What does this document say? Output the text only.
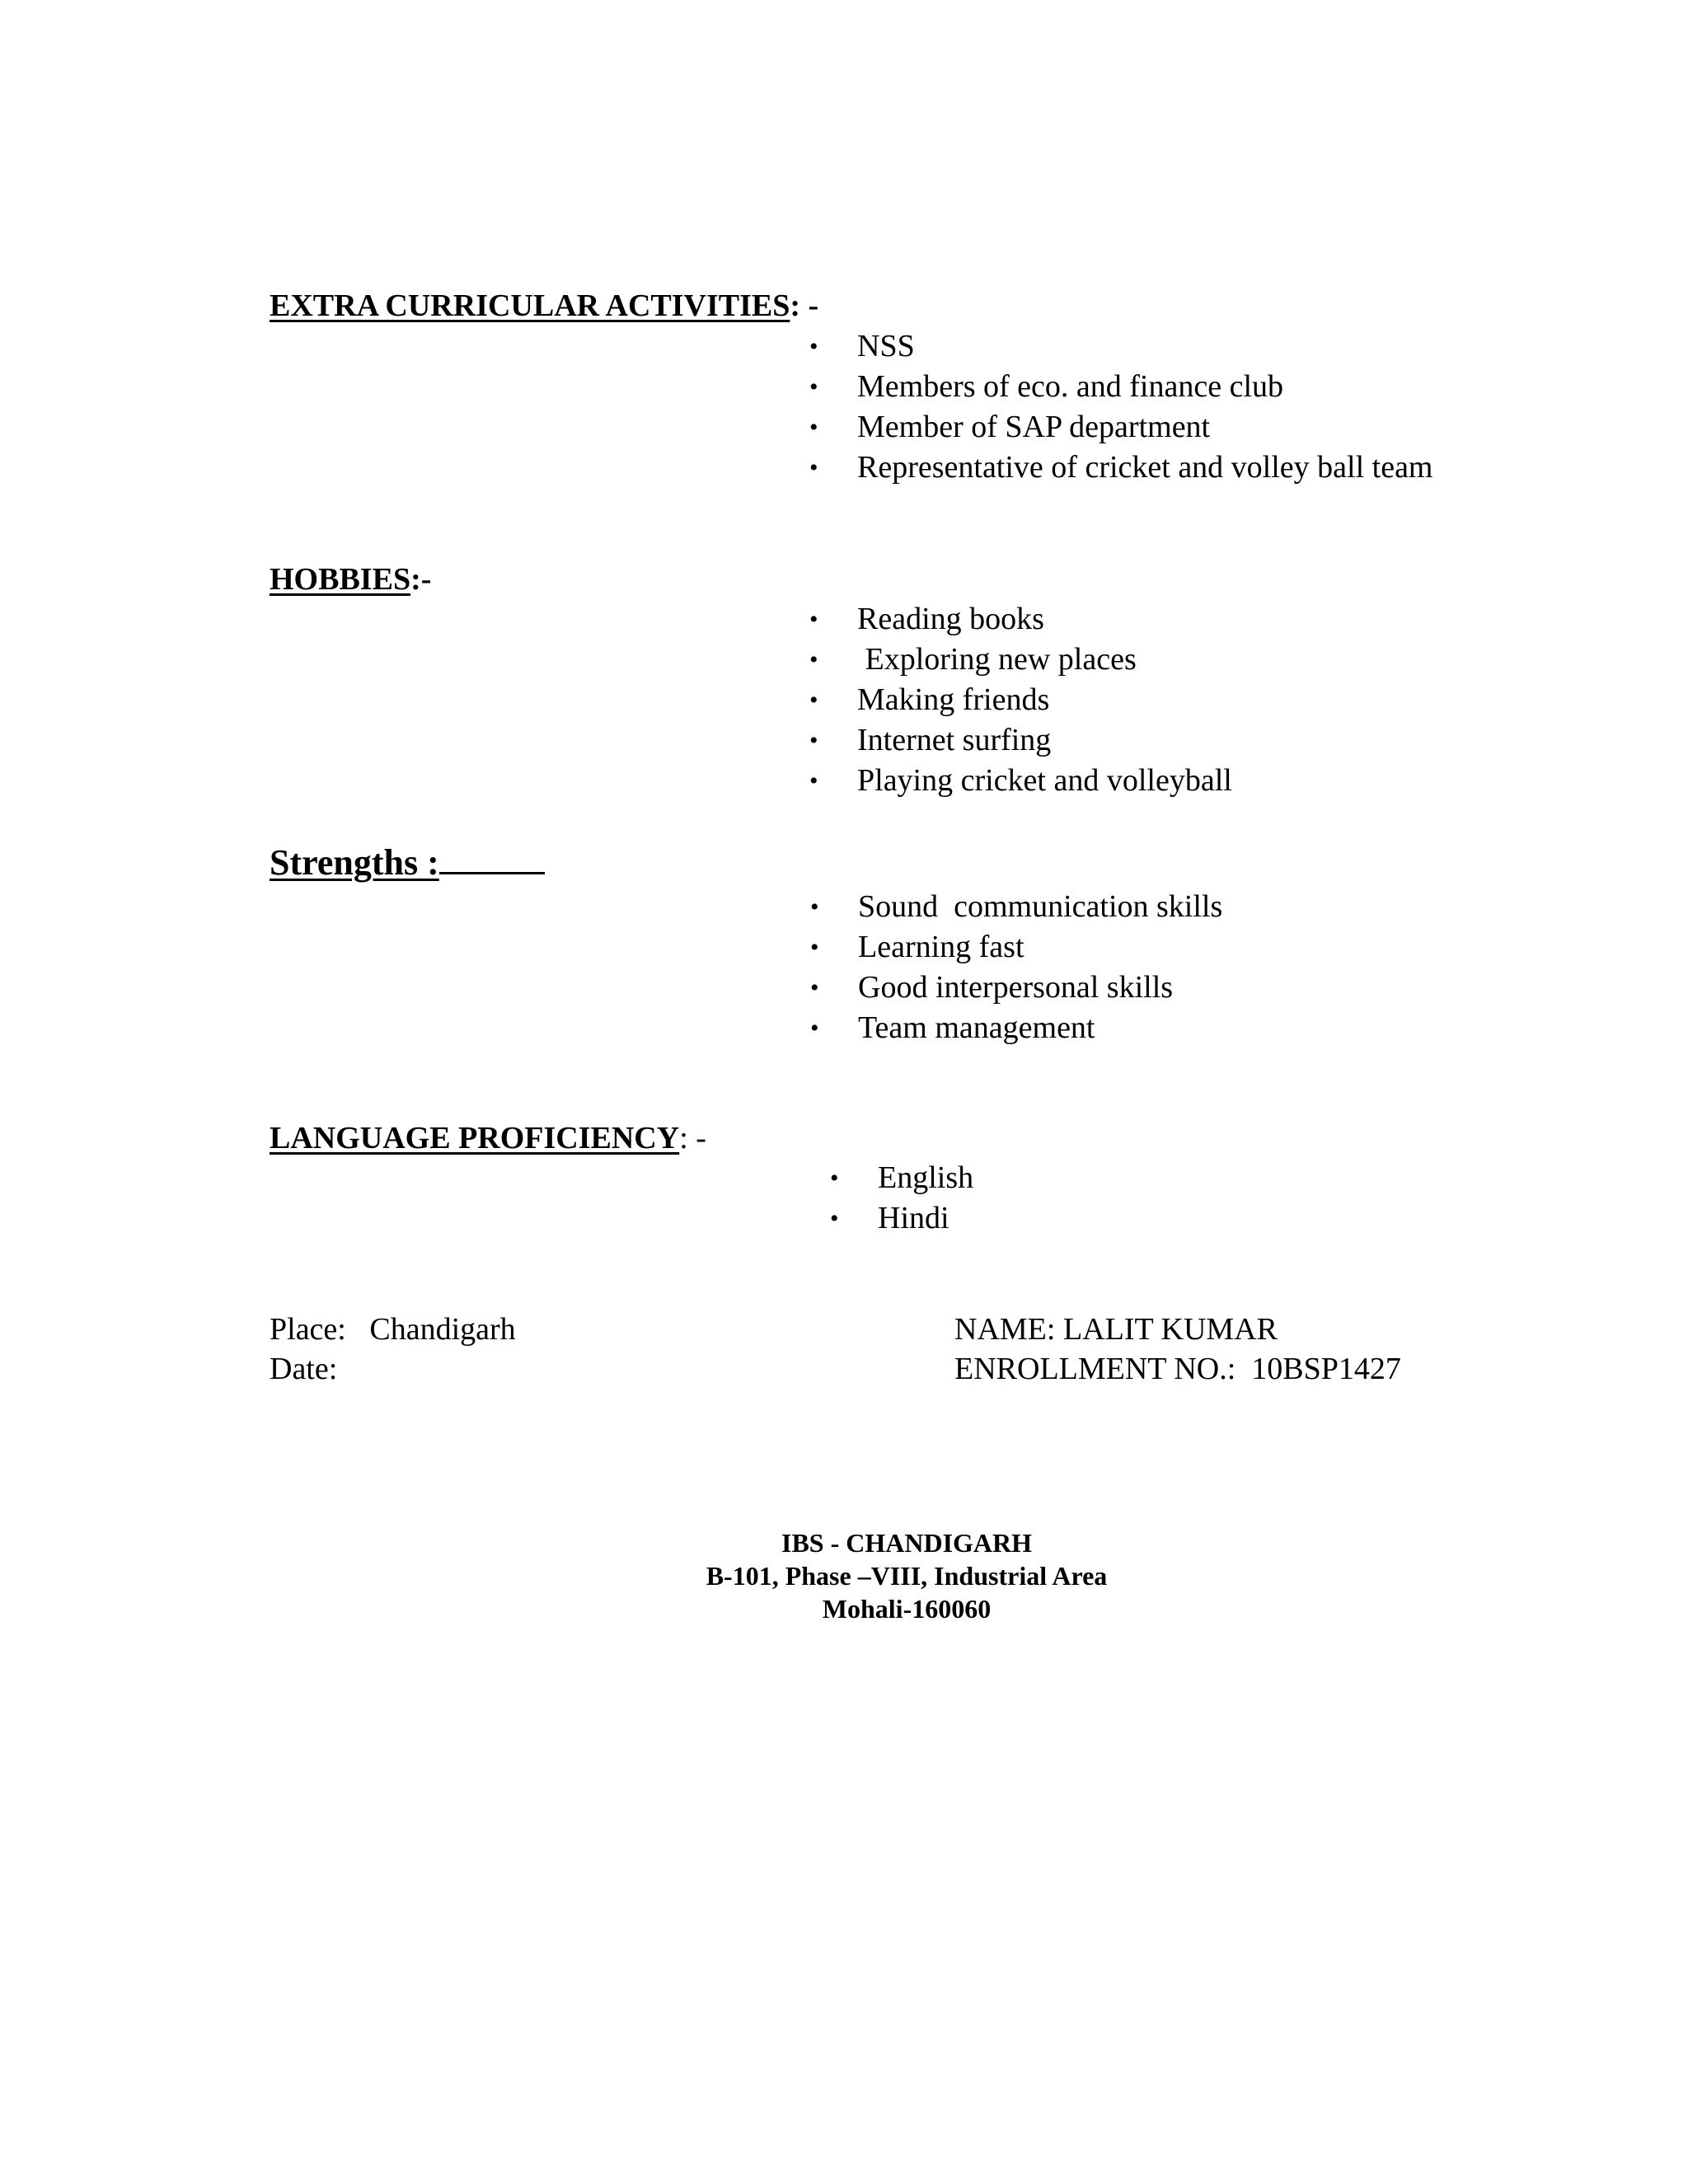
EXTRA CURRICULAR ACTIVITIES: -
• NSS
• Members of eco. and finance club
• Member of SAP department
• Representative of cricket and volley ball team
HOBBIES:-
• Reading books
• Exploring new places
• Making friends
• Internet surfing
• Playing cricket and volleyball
Strengths :
• Sound  communication skills
• Learning fast
• Good interpersonal skills
• Team management
LANGUAGE PROFICIENCY: -
• English
• Hindi
Place: Chandigarh
Date:
NAME: LALIT KUMAR
ENROLLMENT NO.: 10BSP1427
IBS - CHANDIGARH
B-101, Phase –VIII, Industrial Area
Mohali-160060
